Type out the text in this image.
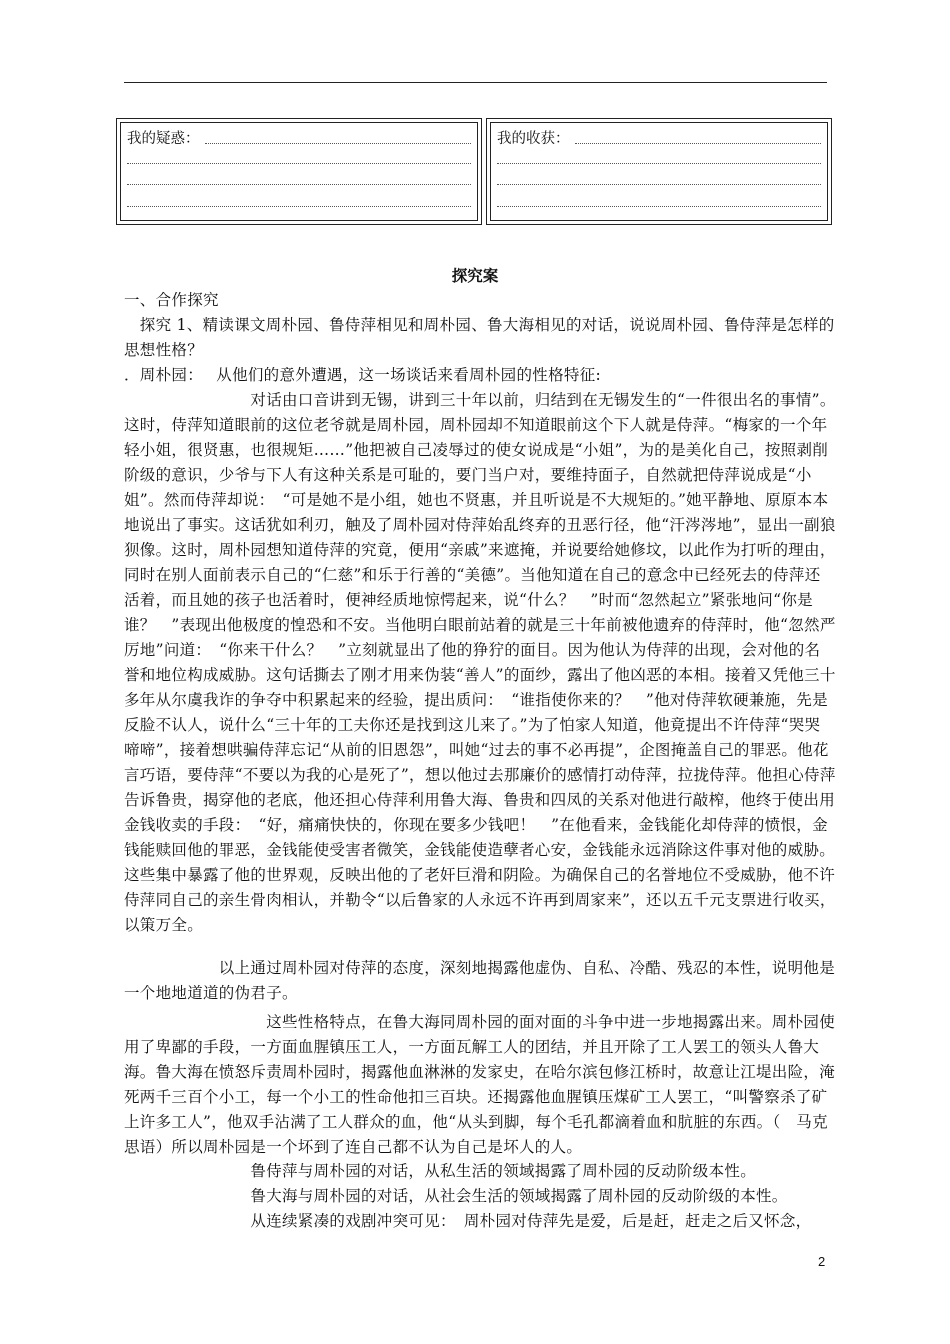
我的疑惑：	我的收获：
探究案
一、合作探究
　探究 1、精读课文周朴园、鲁侍萍相见和周朴园、鲁大海相见的对话，说说周朴园、鲁侍萍是怎样的思想性格？
．周朴园：　 从他们的意外遭遇，这一场谈话来看周朴园的性格特征:
　　　　　　　　对话由口音讲到无锡，讲到三十年以前，归结到在无锡发生的“一件很出名的事情”。这时，侍萍知道眼前的这位老爷就是周朴园，周朴园却不知道眼前这个下人就是侍萍。“梅家的一个年轻小姐，很贤惠，也很规矩……”他把被自己凌辱过的使女说成是“小姐”，为的是美化自己，按照剥削阶级的意识，少爷与下人有这种关系是可耻的，要门当户对，要维持面子，自然就把侍萍说成是“小姐”。然而侍萍却说：　“可是她不是小组，她也不贤惠，并且听说是不大规矩的。”她平静地、原原本本地说出了事实。这话犹如利刃，触及了周朴园对侍萍始乱终弃的丑恶行径，他“汗涔涔地”，显出一副狼狈像。这时，周朴园想知道侍萍的究竟，便用“亲戚”来遮掩，并说要给她修坟，以此作为打听的理由，同时在别人面前表示自己的“仁慈”和乐于行善的“美德”。当他知道在自己的意念中已经死去的侍萍还活着，而且她的孩子也活着时，便神经质地惊愕起来，说“什么？　”时而“忽然起立”紧张地问“你是谁？　”表现出他极度的惶恐和不安。当他明白眼前站着的就是三十年前被他遗弃的侍萍时，他“忽然严厉地”问道：　“你来干什么？　”立刻就显出了他的狰狞的面目。因为他认为侍萍的出现，会对他的名誉和地位构成威胁。这句话撕去了刚才用来伪装“善人”的面纱，露出了他凶恶的本相。接着又凭他三十多年从尔虞我诈的争夺中积累起来的经验，提出质问：　“谁指使你来的？　”他对侍萍软硬兼施，先是反脸不认人，说什么“三十年的工夫你还是找到这儿来了。”为了怕家人知道，他竟提出不许侍萍“哭哭啼啼”，接着想哄骗侍萍忘记“从前的旧恩怨”，叫她“过去的事不必再提”，企图掩盖自己的罪恶。他花言巧语，要侍萍“不要以为我的心是死了”，想以他过去那廉价的感情打动侍萍，拉拢侍萍。他担心侍萍告诉鲁贵，揭穿他的老底，他还担心侍萍利用鲁大海、鲁贵和四凤的关系对他进行敲榨，他终于使出用金钱收卖的手段：　“好，痛痛快快的，你现在要多少钱吧！　”在他看来，金钱能化却侍萍的愤恨，金钱能赎回他的罪恶，金钱能使受害者微笑，金钱能使造孽者心安，金钱能永远消除这件事对他的威胁。这些集中暴露了他的世界观，反映出他的了老奸巨滑和阴险。为确保自己的名誉地位不受威胁，他不许侍萍同自己的亲生骨肉相认，并勒令“以后鲁家的人永远不许再到周家来”，还以五千元支票进行收买，以策万全。
　　　　　　以上通过周朴园对侍萍的态度，深刻地揭露他虚伪、自私、冷酷、残忍的本性，说明他是一个地地道道的伪君子。
　　　　　　　　　这些性格特点，在鲁大海同周朴园的面对面的斗争中进一步地揭露出来。周朴园使用了卑鄙的手段，一方面血腥镇压工人，一方面瓦解工人的团结，并且开除了工人罢工的领头人鲁大海。鲁大海在愤怒斥责周朴园时，揭露他血淋淋的发家史，在哈尔滨包修江桥时，故意让江堤出险，淹死两千三百个小工，每一个小工的性命他扣三百块。还揭露他血腥镇压煤矿工人罢工，“叫警察杀了矿上许多工人”，他双手沾满了工人群众的血，他“从头到脚，每个毛孔都滴着血和肮脏的东西。（　马克思语）所以周朴园是一个坏到了连自己都不认为自己是坏人的人。
　　　　　　　　鲁侍萍与周朴园的对话，从私生活的领域揭露了周朴园的反动阶级本性。
　　　　　　　　鲁大海与周朴园的对话，从社会生活的领域揭露了周朴园的反动阶级的本性。
　　　　　　　　从连续紧凑的戏剧冲突可见：　周朴园对侍萍先是爱，后是赶，赶走之后又怀念，
2
